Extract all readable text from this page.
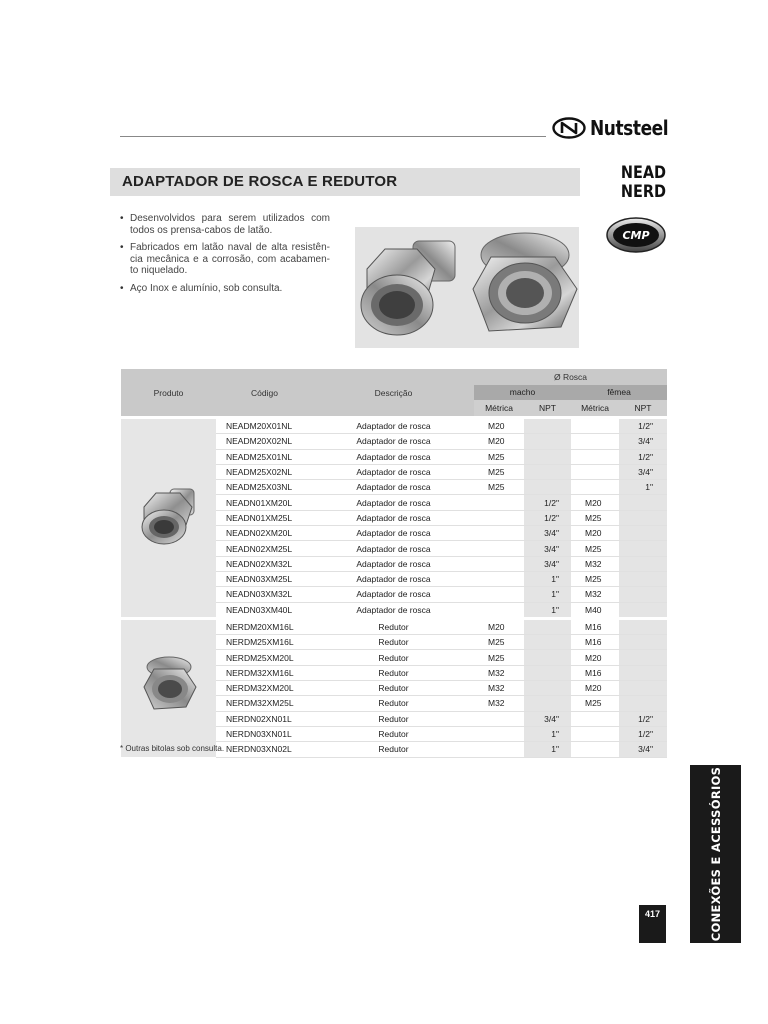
Nutsteel
ADAPTADOR DE ROSCA E REDUTOR	NEAD
NERD
CMP
• Desenvolvidos para serem utilizados com todos os prensa-cabos de latão.
• Fabricados em latão naval de alta resistên- cia mecânica e a corrosão, com acabamen- to niquelado.
• Aço Inox e alumínio, sob consulta.
Produto	Código	Descrição	Ø Rosca			
			macho		fêmea	
			Métrica	NPT	Métrica	NPT
	NEADM20X01NL	Adaptador de rosca	M20			1/2"
	NEADM20X02NL	Adaptador de rosca	M20			3/4"
	NEADM25X01NL	Adaptador de rosca	M25			1/2"
	NEADM25X02NL	Adaptador de rosca	M25			3/4"
	NEADM25X03NL	Adaptador de rosca	M25			1"
	NEADN01XM20L	Adaptador de rosca		1/2"	M20	
	NEADN01XM25L	Adaptador de rosca		1/2"	M25	
	NEADN02XM20L	Adaptador de rosca		3/4"	M20	
	NEADN02XM25L	Adaptador de rosca		3/4"	M25	
	NEADN02XM32L	Adaptador de rosca		3/4"	M32	
	NEADN03XM25L	Adaptador de rosca		1"	M25	
	NEADN03XM32L	Adaptador de rosca		1"	M32	
	NEADN03XM40L	Adaptador de rosca		1"	M40	
	NERDM20XM16L	Redutor	M20		M16	
	NERDM25XM16L	Redutor	M25		M16	
	NERDM25XM20L	Redutor	M25		M20	
	NERDM32XM16L	Redutor	M32		M16	
	NERDM32XM20L	Redutor	M32		M20	
	NERDM32XM25L	Redutor	M32		M25	
	NERDN02XN01L	Redutor		3/4"		1/2"
	NERDN03XN01L	Redutor		1"		1/2"
	NERDN03XN02L	Redutor		1"		3/4"
* Outras bitolas sob consulta.
CONEXÕES E ACESSÓRIOS
417
